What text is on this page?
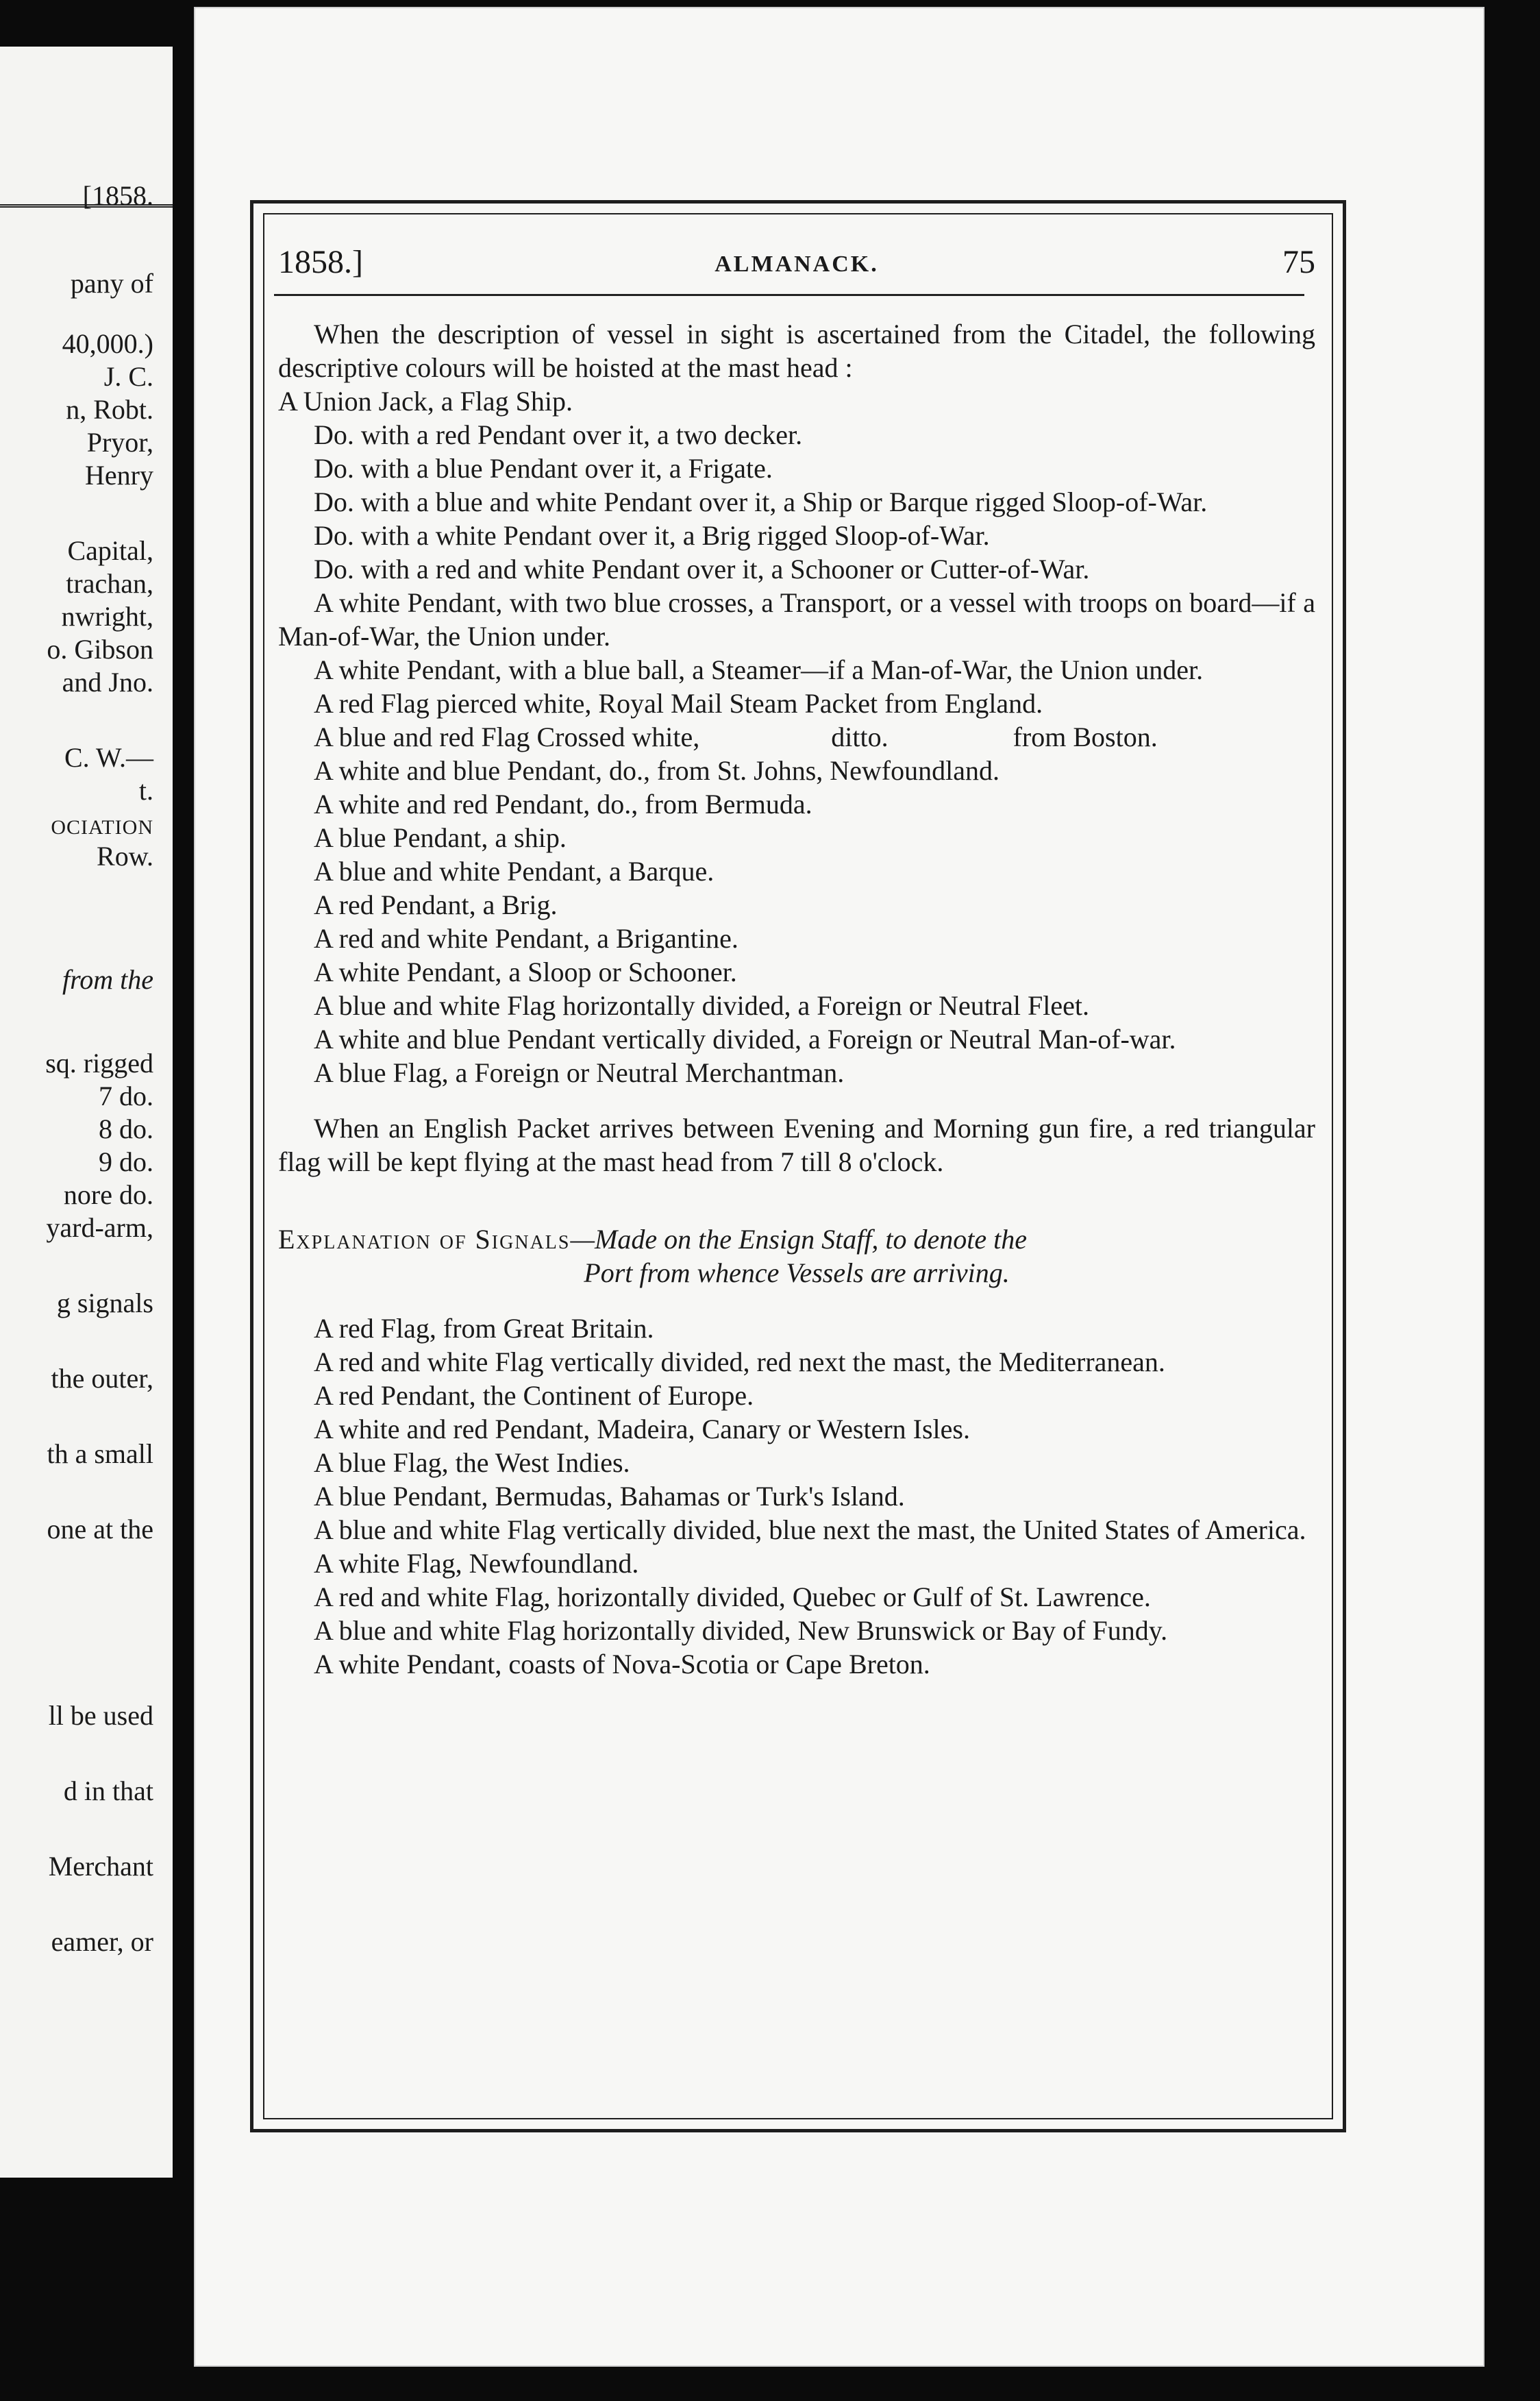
[1858.
pany of
40,000.)
J. C.
n, Robt.
Pryor,
Henry
Capital,
trachan,
nwright,
o. Gibson
and Jno.
C. W.—
t.
OCIATION
Row.
from the
sq. rigged
7 do.
8 do.
9 do.
nore do.
yard-arm,
g signals
the outer,
th a small
one at the
ll be used
d in that
Merchant
eamer, or
1858.]	ALMANACK.	75

When the description of vessel in sight is ascertained from the Citadel, the following descriptive colours will be hoisted at the mast head :

A Union Jack, a Flag Ship.

Do. with a red Pendant over it, a two decker.

Do. with a blue Pendant over it, a Frigate.

Do. with a blue and white Pendant over it, a Ship or Barque rigged Sloop-of-War.

Do. with a white Pendant over it, a Brig rigged Sloop-of-War.

Do. with a red and white Pendant over it, a Schooner or Cutter-of-War.

A white Pendant, with two blue crosses, a Transport, or a vessel with troops on board—if a Man-of-War, the Union under.

A white Pendant, with a blue ball, a Steamer—if a Man-of-War, the Union under.

A red Flag pierced white, Royal Mail Steam Packet from England.

A blue and red Flag Crossed white,	ditto.	from Boston.

A white and blue Pendant, do., from St. Johns, Newfoundland.

A white and red Pendant, do., from Bermuda.

A blue Pendant, a ship.

A blue and white Pendant, a Barque.

A red Pendant, a Brig.

A red and white Pendant, a Brigantine.

A white Pendant, a Sloop or Schooner.

A blue and white Flag horizontally divided, a Foreign or Neutral Fleet.

A white and blue Pendant vertically divided, a Foreign or Neutral Man-of-war.

A blue Flag, a Foreign or Neutral Merchantman.

When an English Packet arrives between Evening and Morning gun fire, a red triangular flag will be kept flying at the mast head from 7 till 8 o'clock.

Explanation of Signals—Made on the Ensign Staff, to denote the

Port from whence Vessels are arriving.

A red Flag, from Great Britain.

A red and white Flag vertically divided, red next the mast, the Mediterranean.

A red Pendant, the Continent of Europe.

A white and red Pendant, Madeira, Canary or Western Isles.

A blue Flag, the West Indies.

A blue Pendant, Bermudas, Bahamas or Turk's Island.

A blue and white Flag vertically divided, blue next the mast, the United States of America.

A white Flag, Newfoundland.

A red and white Flag, horizontally divided, Quebec or Gulf of St. Lawrence.

A blue and white Flag horizontally divided, New Brunswick or Bay of Fundy.

A white Pendant, coasts of Nova-Scotia or Cape Breton.
